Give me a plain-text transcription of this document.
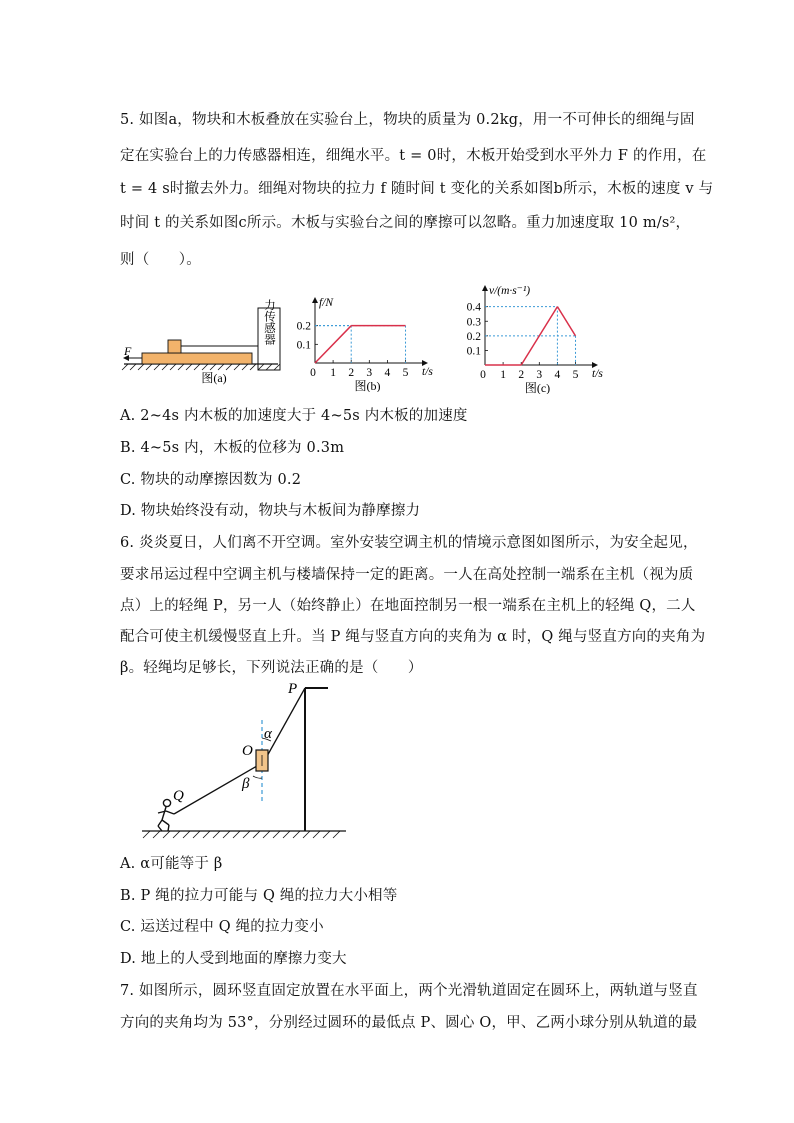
5. 如图a，物块和木板叠放在实验台上，物块的质量为 0.2kg，用一不可伸长的细绳与固
定在实验台上的力传感器相连，细绳水平。t = 0时，木板开始受到水平外力 F 的作用，在
t = 4 s时撤去外力。细绳对物块的拉力 f 随时间 t 变化的关系如图b所示，木板的速度 v 与
时间 t 的关系如图c所示。木板与实验台之间的摩擦可以忽略。重力加速度取 10 m/s²，
则（　　）。
力传感器
F
图(a)
f/N
t/s
0 1 2 3 4 5
0.1
0.2
图(b)
v/(m·s⁻¹)
t/s
0 1 2 3 4 5
0.1
0.2
0.3
0.4
图(c)
A. 2~4s 内木板的加速度大于 4~5s 内木板的加速度
B. 4~5s 内，木板的位移为 0.3m
C. 物块的动摩擦因数为 0.2
D. 物块始终没有动，物块与木板间为静摩擦力
6. 炎炎夏日，人们离不开空调。室外安装空调主机的情境示意图如图所示，为安全起见，
要求吊运过程中空调主机与楼墙保持一定的距离。一人在高处控制一端系在主机（视为质
点）上的轻绳 P，另一人（始终静止）在地面控制另一根一端系在主机上的轻绳 Q，二人
配合可使主机缓慢竖直上升。当 P 绳与竖直方向的夹角为 α 时，Q 绳与竖直方向的夹角为
β。轻绳均足够长，下列说法正确的是（　　）
P
O
α
β
Q
A. α可能等于 β
B. P 绳的拉力可能与 Q 绳的拉力大小相等
C. 运送过程中 Q 绳的拉力变小
D. 地上的人受到地面的摩擦力变大
7. 如图所示，圆环竖直固定放置在水平面上，两个光滑轨道固定在圆环上，两轨道与竖直
方向的夹角均为 53°，分别经过圆环的最低点 P、圆心 O，甲、乙两小球分别从轨道的最
